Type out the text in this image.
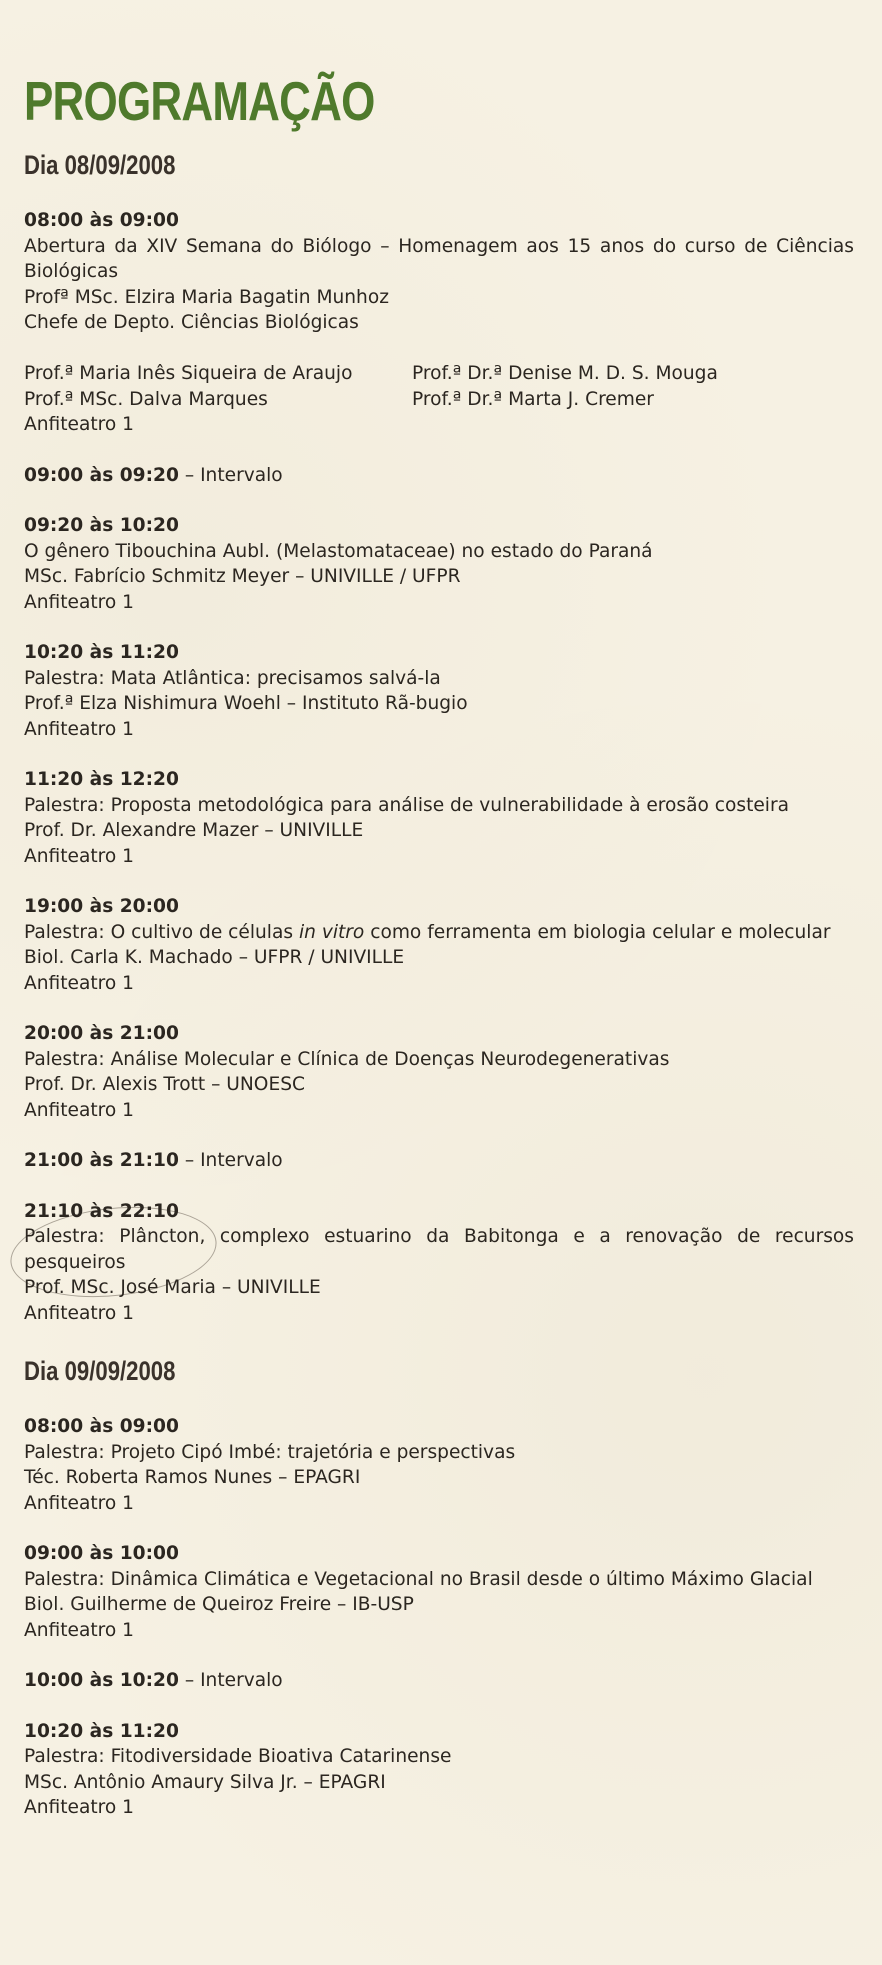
PROGRAMAÇÃO
Dia 08/09/2008
08:00 às 09:00
Abertura da XIV Semana do Biólogo – Homenagem aos 15 anos do curso de Ciências Biológicas
Profª MSc. Elzira Maria Bagatin Munhoz
Chefe de Depto. Ciências Biológicas
Prof.ª Maria Inês Siqueira de Araujo	Prof.ª Dr.ª Denise M. D. S. Mouga
Prof.ª MSc. Dalva Marques	Prof.ª Dr.ª Marta J. Cremer
Anfiteatro 1
09:00 às 09:20 – Intervalo
09:20 às 10:20
O gênero Tibouchina Aubl. (Melastomataceae) no estado do Paraná
MSc. Fabrício Schmitz Meyer – UNIVILLE / UFPR
Anfiteatro 1
10:20 às 11:20
Palestra: Mata Atlântica: precisamos salvá-la
Prof.ª Elza Nishimura Woehl – Instituto Rã-bugio
Anfiteatro 1
11:20 às 12:20
Palestra: Proposta metodológica para análise de vulnerabilidade à erosão costeira
Prof. Dr. Alexandre Mazer – UNIVILLE
Anfiteatro 1
19:00 às 20:00
Palestra: O cultivo de células in vitro como ferramenta em biologia celular e molecular
Biol. Carla K. Machado – UFPR / UNIVILLE
Anfiteatro 1
20:00 às 21:00
Palestra: Análise Molecular e Clínica de Doenças Neurodegenerativas
Prof. Dr. Alexis Trott – UNOESC
Anfiteatro 1
21:00 às 21:10 – Intervalo
21:10 às 22:10
Palestra: Plâncton, complexo estuarino da Babitonga e a renovação de recursos pesqueiros
Prof. MSc. José Maria – UNIVILLE
Anfiteatro 1
Dia 09/09/2008
08:00 às 09:00
Palestra: Projeto Cipó Imbé: trajetória e perspectivas
Téc. Roberta Ramos Nunes – EPAGRI
Anfiteatro 1
09:00 às 10:00
Palestra: Dinâmica Climática e Vegetacional no Brasil desde o último Máximo Glacial
Biol. Guilherme de Queiroz Freire – IB-USP
Anfiteatro 1
10:00 às 10:20 – Intervalo
10:20 às 11:20
Palestra: Fitodiversidade Bioativa Catarinense
MSc. Antônio Amaury Silva Jr. – EPAGRI
Anfiteatro 1
